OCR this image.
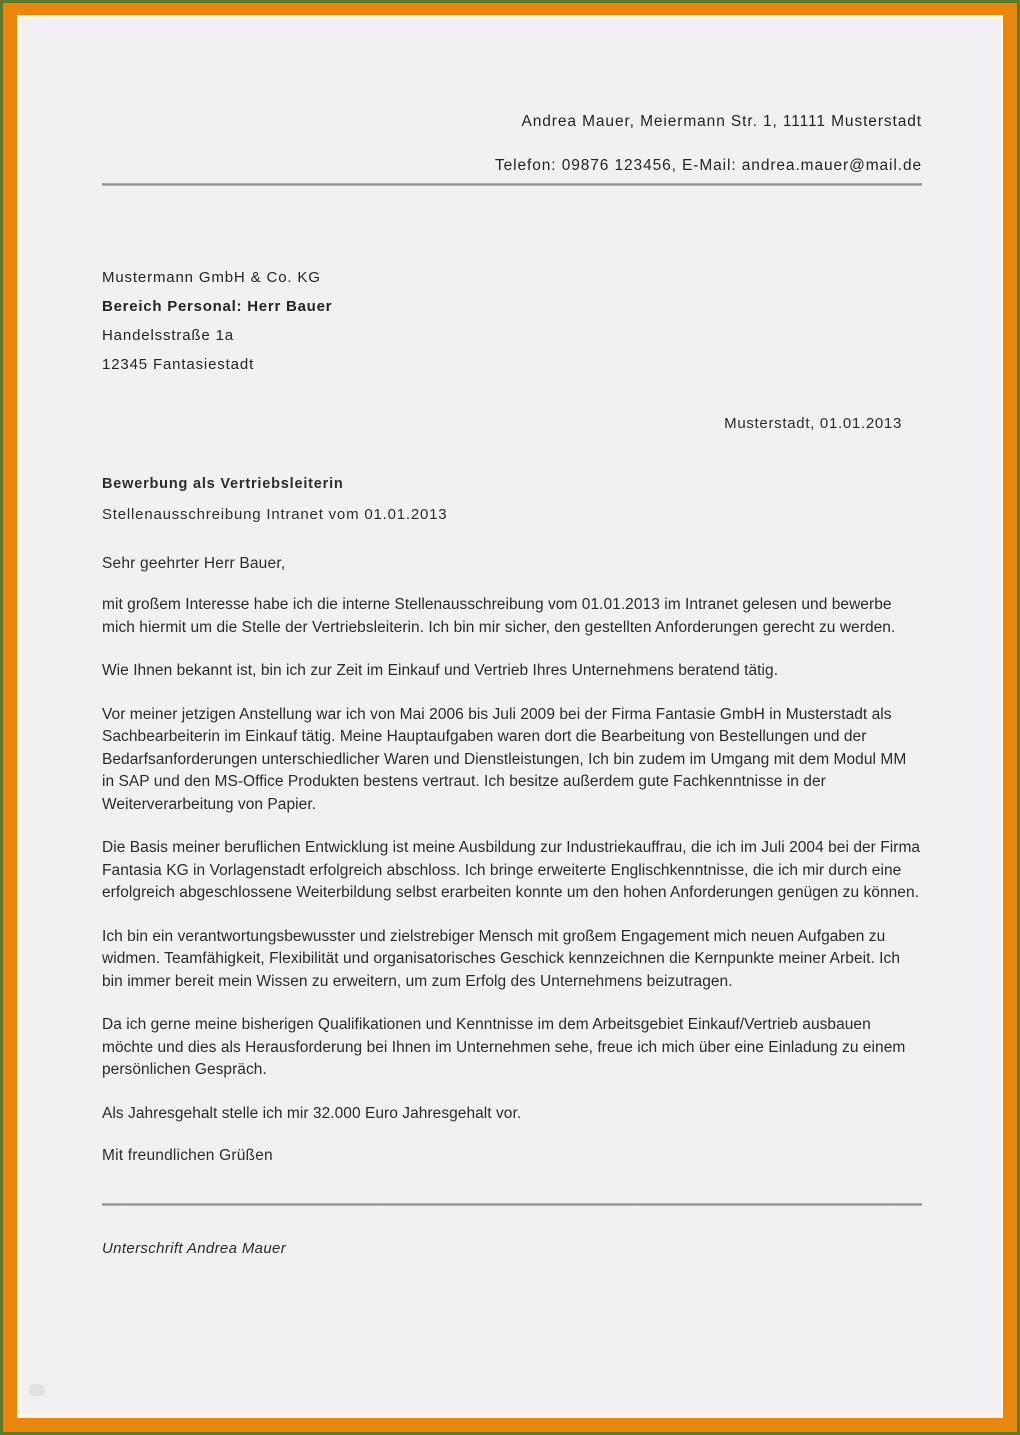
Andrea Mauer, Meiermann Str. 1, 11111 Musterstadt
Telefon: 09876 123456, E-Mail: andrea.mauer@mail.de
Mustermann GmbH & Co. KG
Bereich Personal: Herr Bauer
Handelsstraße 1a
12345 Fantasiestadt
Musterstadt, 01.01.2013
Bewerbung als Vertriebsleiterin
Stellenausschreibung Intranet vom 01.01.2013
Sehr geehrter Herr Bauer,
mit großem Interesse habe ich die interne Stellenausschreibung vom 01.01.2013 im Intranet gelesen und bewerbe mich hiermit um die Stelle der Vertriebsleiterin. Ich bin mir sicher, den gestellten Anforderungen gerecht zu werden.
Wie Ihnen bekannt ist, bin ich zur Zeit im Einkauf und Vertrieb Ihres Unternehmens beratend tätig.
Vor meiner jetzigen Anstellung war ich von Mai 2006 bis Juli 2009 bei der Firma Fantasie GmbH in Musterstadt als Sachbearbeiterin im Einkauf tätig. Meine Hauptaufgaben waren dort die Bearbeitung von Bestellungen und der Bedarfsanforderungen unterschiedlicher Waren und Dienstleistungen, Ich bin zudem im Umgang mit dem Modul MM in SAP und den MS-Office Produkten bestens vertraut. Ich besitze außerdem gute Fachkenntnisse in der Weiterverarbeitung von Papier.
Die Basis meiner beruflichen Entwicklung ist meine Ausbildung zur Industriekauffrau, die ich im Juli 2004 bei der Firma Fantasia KG in Vorlagenstadt erfolgreich abschloss. Ich bringe erweiterte Englischkenntnisse, die ich mir durch eine erfolgreich abgeschlossene Weiterbildung selbst erarbeiten konnte um den hohen Anforderungen genügen zu können.
Ich bin ein verantwortungsbewusster und zielstrebiger Mensch mit großem Engagement mich neuen Aufgaben zu widmen. Teamfähigkeit, Flexibilität und organisatorisches Geschick kennzeichnen die Kernpunkte meiner Arbeit. Ich bin immer bereit mein Wissen zu erweitern, um zum Erfolg des Unternehmens beizutragen.
Da ich gerne meine bisherigen Qualifikationen und Kenntnisse im dem Arbeitsgebiet Einkauf/Vertrieb ausbauen möchte und dies als Herausforderung bei Ihnen im Unternehmen sehe, freue ich mich über eine Einladung zu einem persönlichen Gespräch.
Als Jahresgehalt stelle ich mir 32.000 Euro Jahresgehalt vor.
Mit freundlichen Grüßen
Unterschrift Andrea Mauer
